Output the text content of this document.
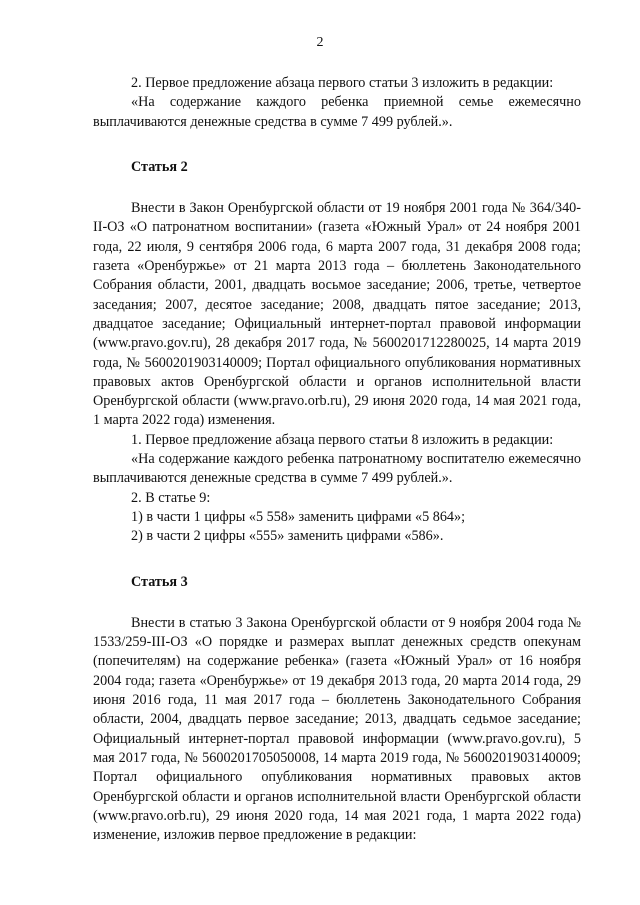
2

2. Первое предложение абзаца первого статьи 3 изложить в редакции:

«На содержание каждого ребенка приемной семье ежемесячно выплачиваются денежные средства в сумме 7 499 рублей.».

Статья 2

Внести в Закон Оренбургской области от 19 ноября 2001 года № 364/340-II-ОЗ «О патронатном воспитании» (газета «Южный Урал» от 24 ноября 2001 года, 22 июля, 9 сентября 2006 года, 6 марта 2007 года, 31 декабря 2008 года; газета «Оренбуржье» от 21 марта 2013 года – бюллетень Законодательного Собрания области, 2001, двадцать восьмое заседание; 2006, третье, четвертое заседания; 2007, десятое заседание; 2008, двадцать пятое заседание; 2013, двадцатое заседание; Официальный интернет-портал правовой информации (www.pravo.gov.ru), 28 декабря 2017 года, № 5600201712280025, 14 марта 2019 года, № 5600201903140009; Портал официального опубликования нормативных правовых актов Оренбургской области и органов исполнительной власти Оренбургской области (www.pravo.orb.ru), 29 июня 2020 года, 14 мая 2021 года, 1 марта 2022 года) изменения.

1. Первое предложение абзаца первого статьи 8 изложить в редакции:

«На содержание каждого ребенка патронатному воспитателю ежемесячно выплачиваются денежные средства в сумме 7 499 рублей.».

2. В статье 9:

1) в части 1 цифры «5 558» заменить цифрами «5 864»;

2) в части 2 цифры «555» заменить цифрами «586».

Статья 3

Внести в статью 3 Закона Оренбургской области от 9 ноября 2004 года № 1533/259-III-ОЗ «О порядке и размерах выплат денежных средств опекунам (попечителям) на содержание ребенка» (газета «Южный Урал» от 16 ноября 2004 года; газета «Оренбуржье» от 19 декабря 2013 года, 20 марта 2014 года, 29 июня 2016 года, 11 мая 2017 года – бюллетень Законодательного Собрания области, 2004, двадцать первое заседание; 2013, двадцать седьмое заседание; Официальный интернет-портал правовой информации (www.pravo.gov.ru), 5 мая 2017 года, № 5600201705050008, 14 марта 2019 года, № 5600201903140009; Портал официального опубликования нормативных правовых актов Оренбургской области и органов исполнительной власти Оренбургской области (www.pravo.orb.ru), 29 июня 2020 года, 14 мая 2021 года, 1 марта 2022 года) изменение, изложив первое предложение в редакции:
